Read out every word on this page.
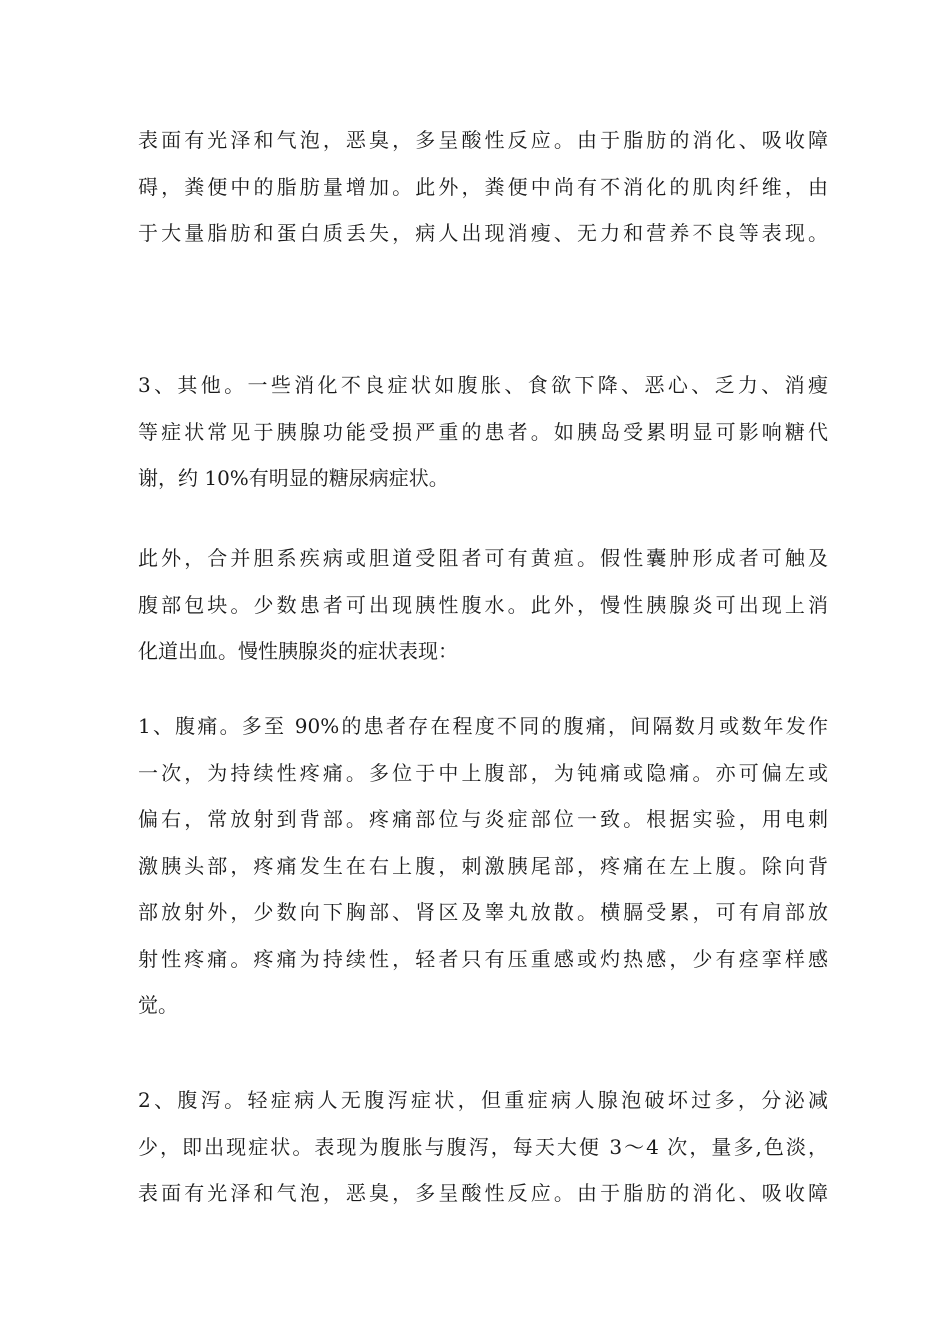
表面有光泽和气泡，恶臭，多呈酸性反应。由于脂肪的消化、吸收障
碍，粪便中的脂肪量增加。此外，粪便中尚有不消化的肌肉纤维，由
于大量脂肪和蛋白质丢失，病人出现消瘦、无力和营养不良等表现。
3、其他。一些消化不良症状如腹胀、食欲下降、恶心、乏力、消瘦
等症状常见于胰腺功能受损严重的患者。如胰岛受累明显可影响糖代
谢，约 10%有明显的糖尿病症状。
此外，合并胆系疾病或胆道受阻者可有黄疸。假性囊肿形成者可触及
腹部包块。少数患者可出现胰性腹水。此外，慢性胰腺炎可出现上消
化道出血。慢性胰腺炎的症状表现：
1、腹痛。多至 90%的患者存在程度不同的腹痛，间隔数月或数年发作
一次，为持续性疼痛。多位于中上腹部，为钝痛或隐痛。亦可偏左或
偏右，常放射到背部。疼痛部位与炎症部位一致。根据实验，用电刺
激胰头部，疼痛发生在右上腹，刺激胰尾部，疼痛在左上腹。除向背
部放射外，少数向下胸部、肾区及睾丸放散。横膈受累，可有肩部放
射性疼痛。疼痛为持续性，轻者只有压重感或灼热感，少有痉挛样感
觉。
2、腹泻。轻症病人无腹泻症状，但重症病人腺泡破坏过多，分泌减
少，即出现症状。表现为腹胀与腹泻，每天大便 3～4 次，量多,色淡，
表面有光泽和气泡，恶臭，多呈酸性反应。由于脂肪的消化、吸收障
